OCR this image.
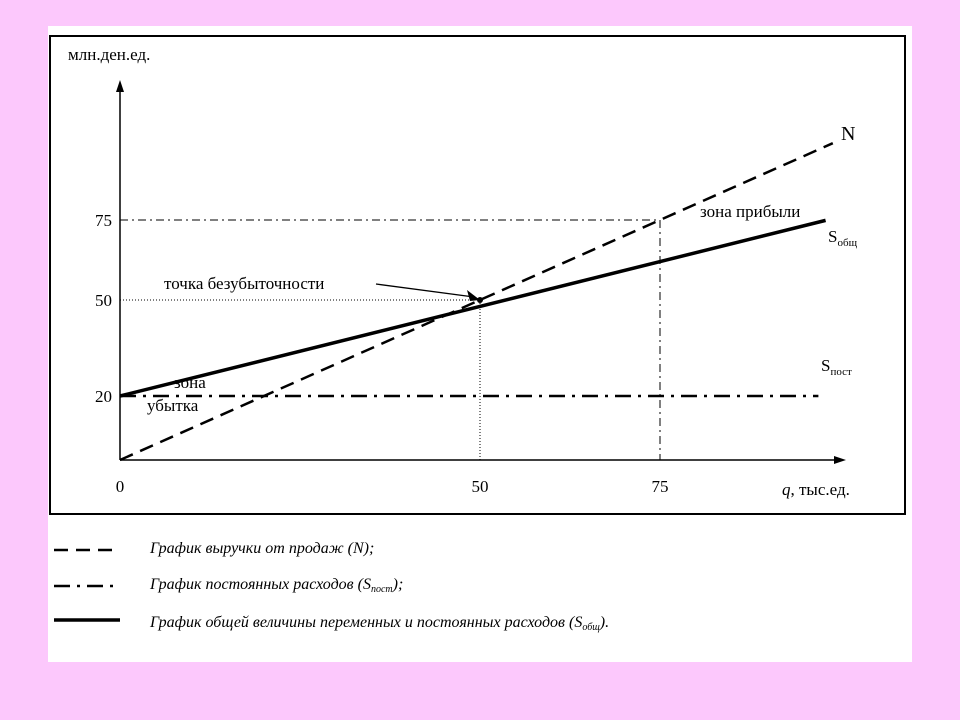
0	50	75
20
50
75
млн.ден.ед.
q, тыс.ед.
N
$S_{общ}$
$S_{пост}$
зона прибыли
зона
убытка
точка безубыточности
График выручки от продаж (N);
График постоянных расходов (Sпост);
График общей величины переменных и постоянных расходов (Sобщ).
